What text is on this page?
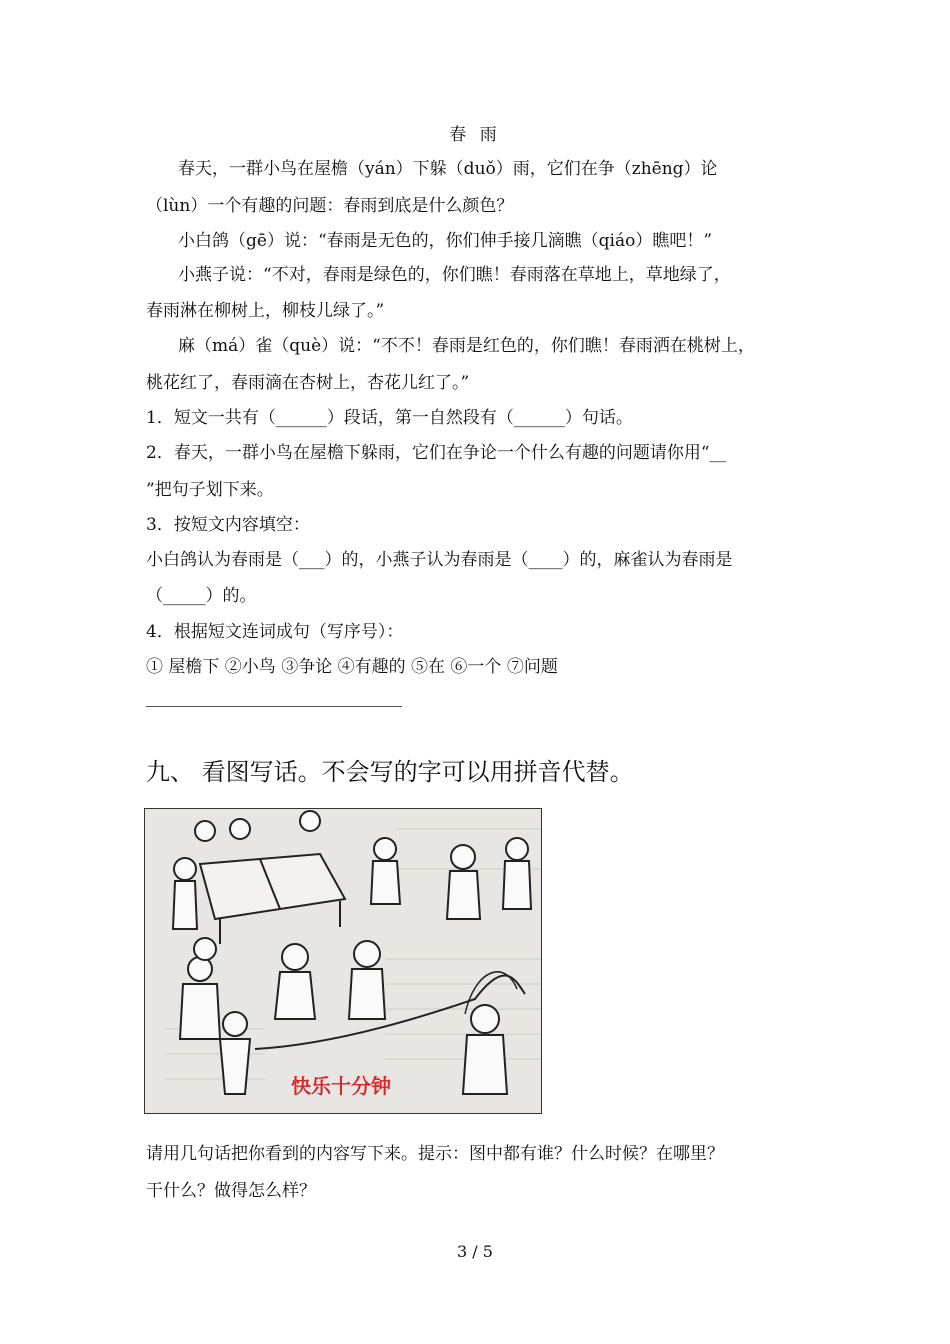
春 雨
春天，一群小鸟在屋檐（yán）下躲（duǒ）雨，它们在争（zhēng）论
（lùn）一个有趣的问题：春雨到底是什么颜色？
小白鸽（gē）说：“春雨是无色的，你们伸手接几滴瞧（qiáo）瞧吧！”
小燕子说：“不对，春雨是绿色的，你们瞧！春雨落在草地上，草地绿了，
春雨淋在柳树上，柳枝儿绿了。”
麻（má）雀（què）说：“不不！春雨是红色的，你们瞧！春雨洒在桃树上，
桃花红了，春雨滴在杏树上，杏花儿红了。”
1．短文一共有（______）段话，第一自然段有（______）句话。
2．春天，一群小鸟在屋檐下躲雨，它们在争论一个什么有趣的问题请你用“__
”把句子划下来。
3．按短文内容填空：
小白鸽认为春雨是（___）的，小燕子认为春雨是（____）的，麻雀认为春雨是
（_____）的。
4．根据短文连词成句（写序号）：
① 屋檐下 ②小鸟 ③争论 ④有趣的 ⑤在 ⑥一个 ⑦问题
九、 看图写话。不会写的字可以用拼音代替。
快乐十分钟
请用几句话把你看到的内容写下来。提示：图中都有谁？什么时候？在哪里？
干什么？做得怎么样？
3 / 5
